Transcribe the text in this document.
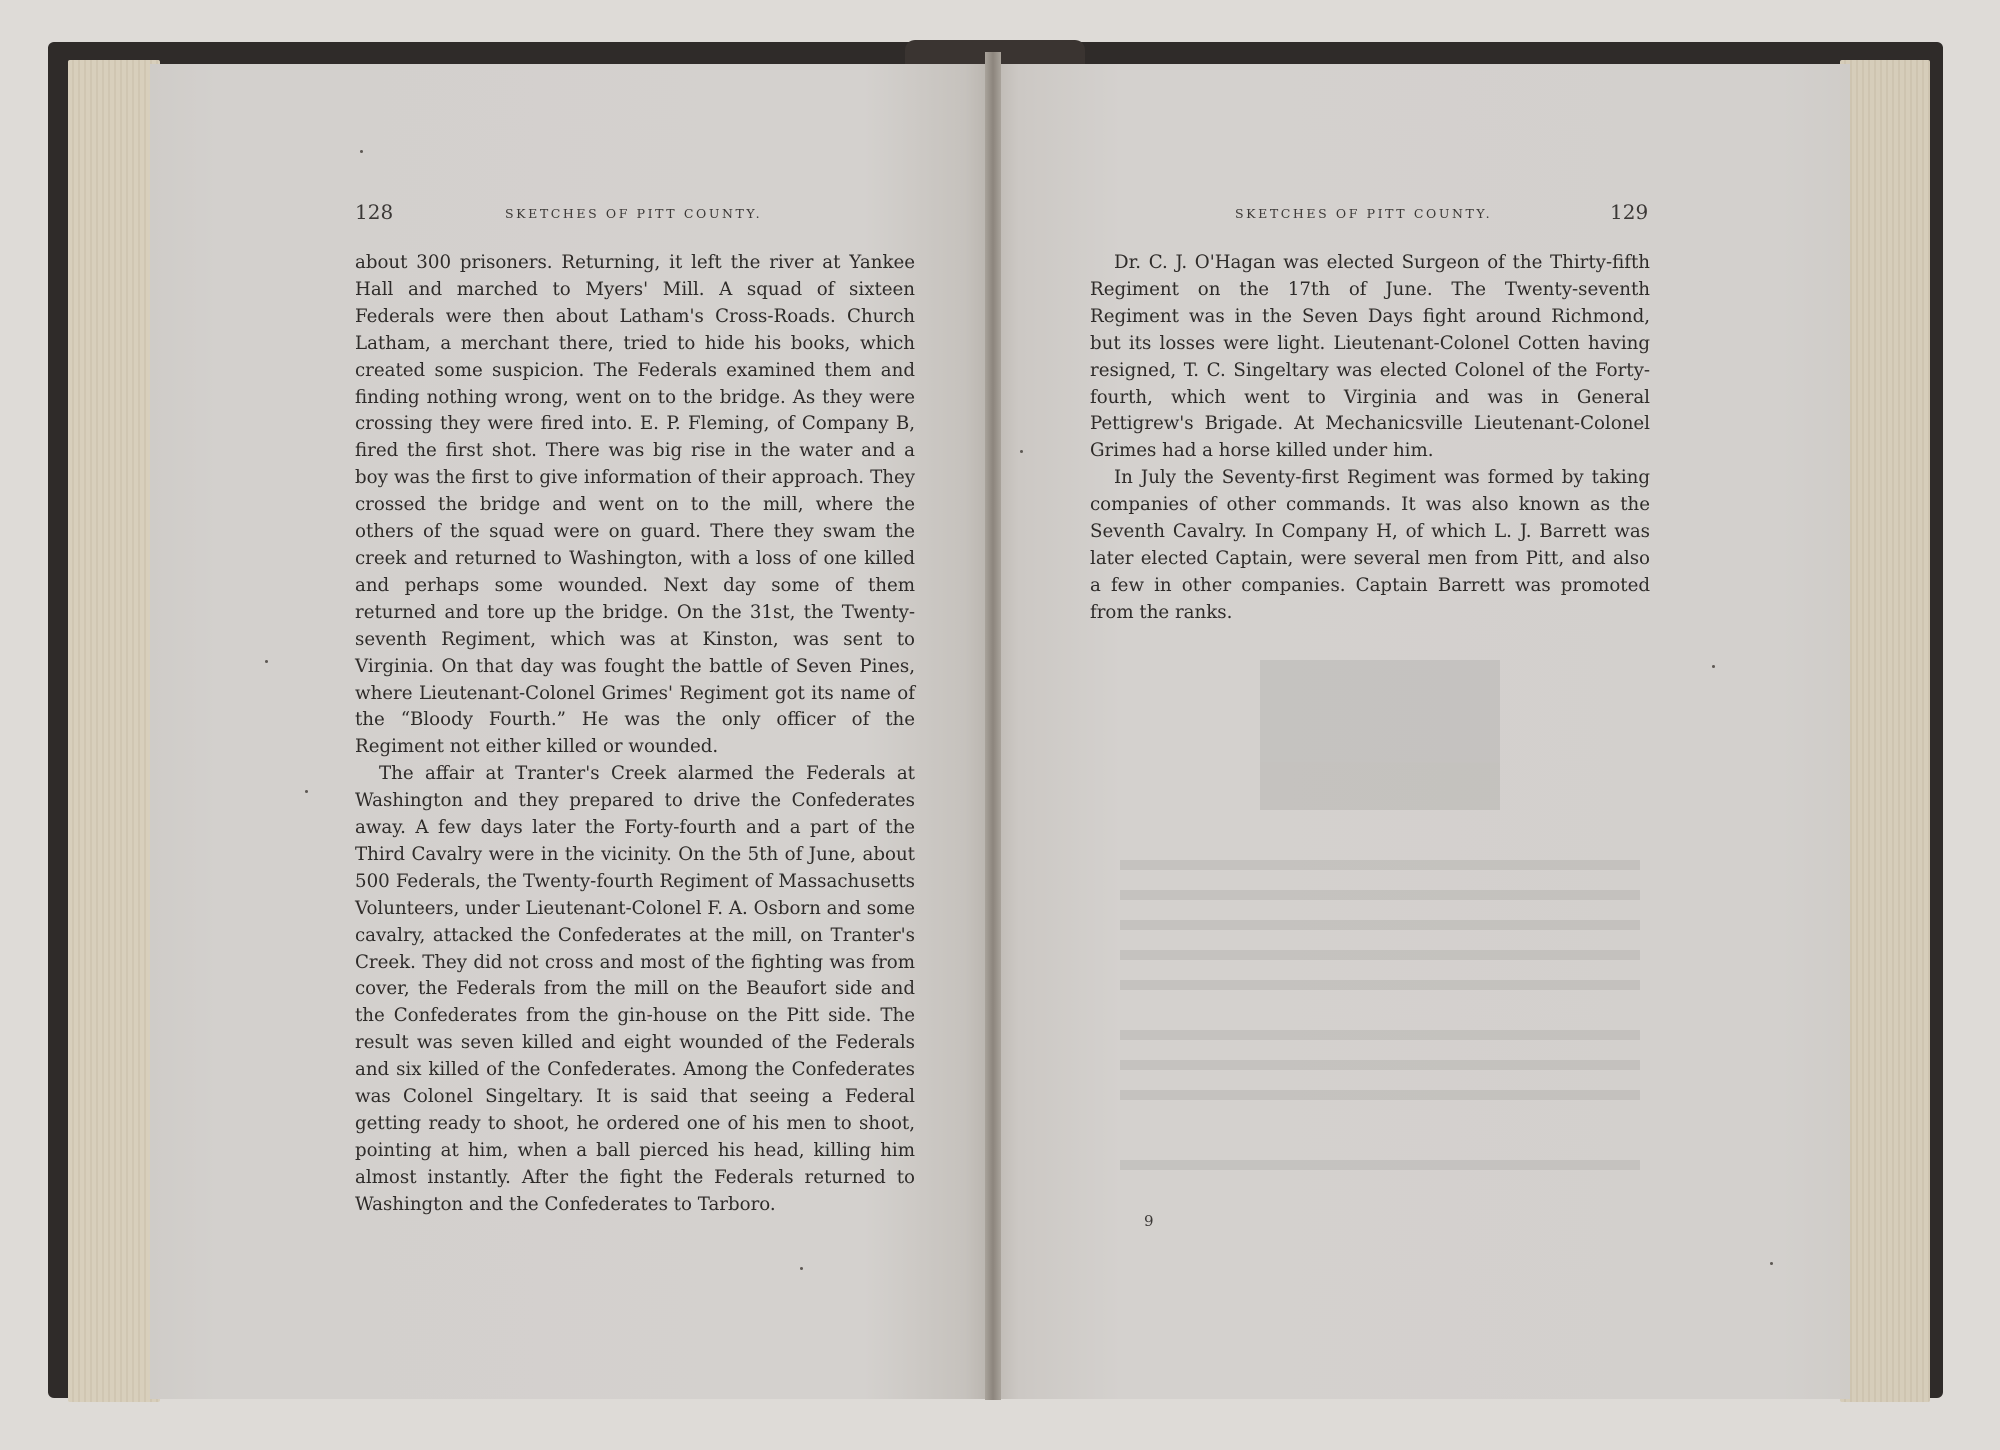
128	SKETCHES OF PITT COUNTY.

about 300 prisoners. Returning, it left the river at Yankee Hall and marched to Myers' Mill. A squad of sixteen Federals were then about Latham's Cross-Roads. Church Latham, a merchant there, tried to hide his books, which created some suspicion. The Federals examined them and finding nothing wrong, went on to the bridge. As they were crossing they were fired into. E. P. Fleming, of Company B, fired the first shot. There was big rise in the water and a boy was the first to give information of their approach. They crossed the bridge and went on to the mill, where the others of the squad were on guard. There they swam the creek and returned to Washington, with a loss of one killed and perhaps some wounded. Next day some of them returned and tore up the bridge. On the 31st, the Twenty-seventh Regiment, which was at Kinston, was sent to Virginia. On that day was fought the battle of Seven Pines, where Lieutenant-Colonel Grimes' Regiment got its name of the “Bloody Fourth.” He was the only officer of the Regiment not either killed or wounded.

The affair at Tranter's Creek alarmed the Federals at Washington and they prepared to drive the Confederates away. A few days later the Forty-fourth and a part of the Third Cavalry were in the vicinity. On the 5th of June, about 500 Federals, the Twenty-fourth Regiment of Massachusetts Volunteers, under Lieutenant-Colonel F. A. Osborn and some cavalry, attacked the Confederates at the mill, on Tranter's Creek. They did not cross and most of the fighting was from cover, the Federals from the mill on the Beaufort side and the Confederates from the gin-house on the Pitt side. The result was seven killed and eight wounded of the Federals and six killed of the Confederates. Among the Confederates was Colonel Singeltary. It is said that seeing a Federal getting ready to shoot, he ordered one of his men to shoot, pointing at him, when a ball pierced his head, killing him almost instantly. After the fight the Federals returned to Washington and the Confederates to Tarboro.

SKETCHES OF PITT COUNTY.	129

Dr. C. J. O'Hagan was elected Surgeon of the Thirty-fifth Regiment on the 17th of June. The Twenty-seventh Regiment was in the Seven Days fight around Richmond, but its losses were light. Lieutenant-Colonel Cotten having resigned, T. C. Singeltary was elected Colonel of the Forty-fourth, which went to Virginia and was in General Pettigrew's Brigade. At Mechanicsville Lieutenant-Colonel Grimes had a horse killed under him.

In July the Seventy-first Regiment was formed by taking companies of other commands. It was also known as the Seventh Cavalry. In Company H, of which L. J. Barrett was later elected Captain, were several men from Pitt, and also a few in other companies. Captain Barrett was promoted from the ranks.

9
